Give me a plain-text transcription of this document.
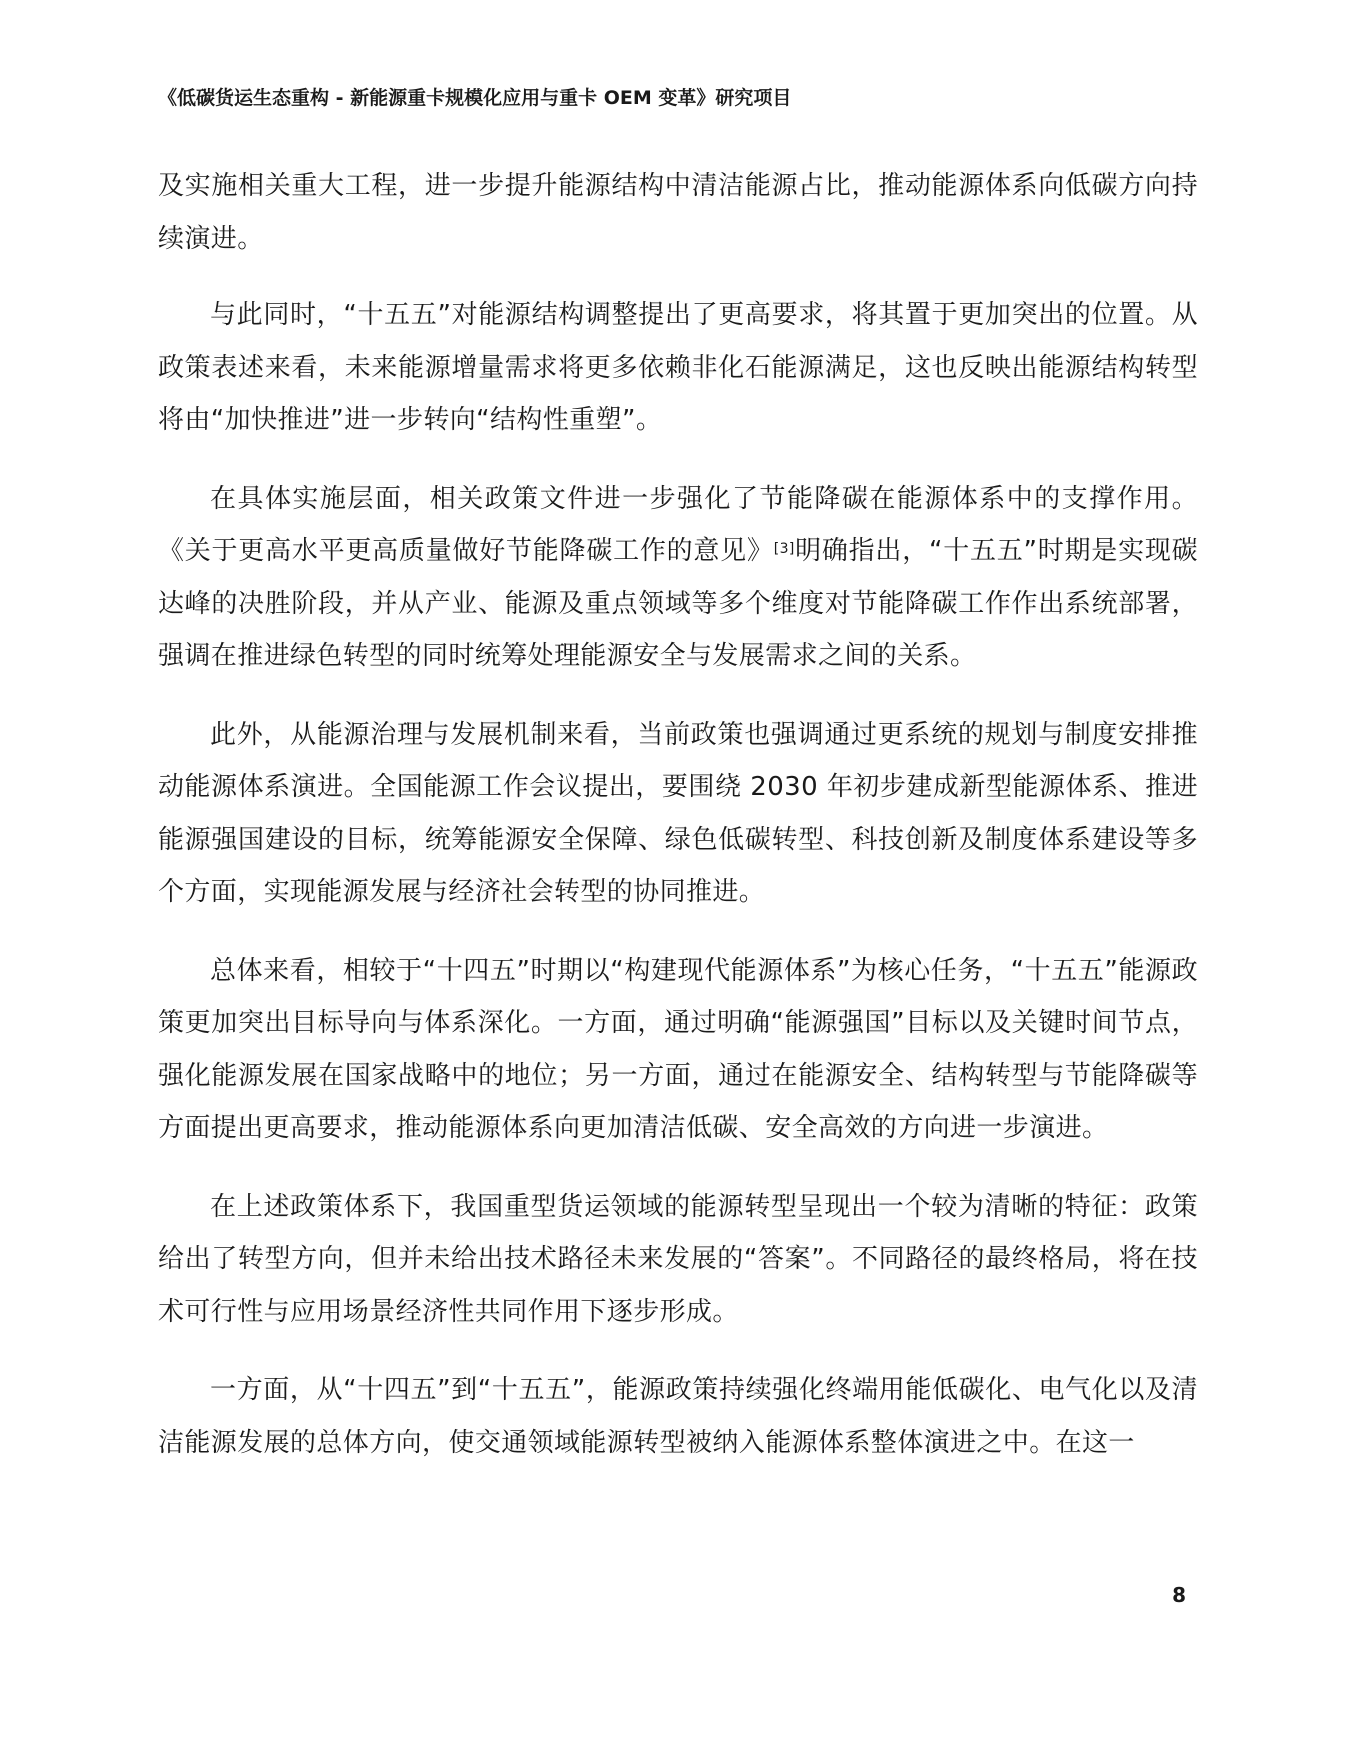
《低碳货运生态重构 - 新能源重卡规模化应用与重卡 OEM 变革》研究项目

及实施相关重大工程，进一步提升能源结构中清洁能源占比，推动能源体系向低碳方向持续演进。

与此同时，“十五五”对能源结构调整提出了更高要求，将其置于更加突出的位置。从政策表述来看，未来能源增量需求将更多依赖非化石能源满足，这也反映出能源结构转型将由“加快推进”进一步转向“结构性重塑”。

在具体实施层面，相关政策文件进一步强化了节能降碳在能源体系中的支撑作用。《关于更高水平更高质量做好节能降碳工作的意见》[3]明确指出，“十五五”时期是实现碳达峰的决胜阶段，并从产业、能源及重点领域等多个维度对节能降碳工作作出系统部署，强调在推进绿色转型的同时统筹处理能源安全与发展需求之间的关系。

此外，从能源治理与发展机制来看，当前政策也强调通过更系统的规划与制度安排推动能源体系演进。全国能源工作会议提出，要围绕 2030 年初步建成新型能源体系、推进能源强国建设的目标，统筹能源安全保障、绿色低碳转型、科技创新及制度体系建设等多个方面，实现能源发展与经济社会转型的协同推进。

总体来看，相较于“十四五”时期以“构建现代能源体系”为核心任务，“十五五”能源政策更加突出目标导向与体系深化。一方面，通过明确“能源强国”目标以及关键时间节点，强化能源发展在国家战略中的地位；另一方面，通过在能源安全、结构转型与节能降碳等方面提出更高要求，推动能源体系向更加清洁低碳、安全高效的方向进一步演进。

在上述政策体系下，我国重型货运领域的能源转型呈现出一个较为清晰的特征：政策给出了转型方向，但并未给出技术路径未来发展的“答案”。不同路径的最终格局，将在技术可行性与应用场景经济性共同作用下逐步形成。

一方面，从“十四五”到“十五五”，能源政策持续强化终端用能低碳化、电气化以及清洁能源发展的总体方向，使交通领域能源转型被纳入能源体系整体演进之中。在这一

8
